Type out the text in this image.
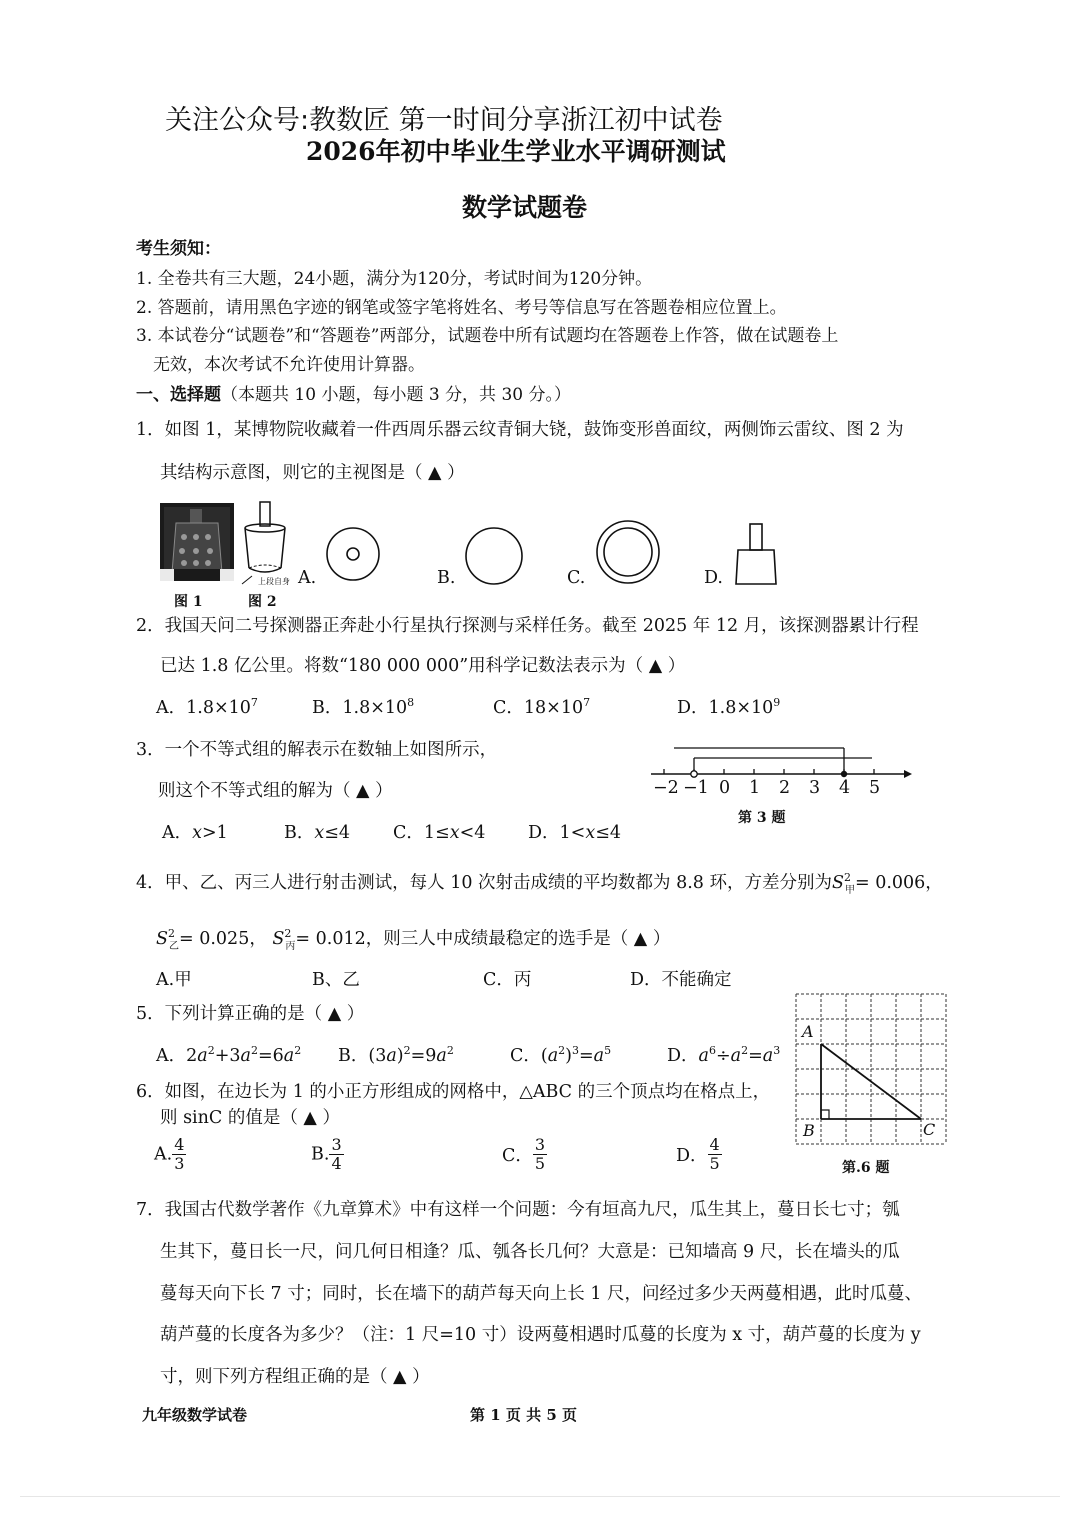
关注公众号:教数匠 第一时间分享浙江初中试卷
2026年初中毕业生学业水平调研测试
数学试题卷
考生须知：
1. 全卷共有三大题，24小题，满分为120分，考试时间为120分钟。
2. 答题前，请用黑色字迹的钢笔或签字笔将姓名、考号等信息写在答题卷相应位置上。
3. 本试卷分“试题卷”和“答题卷”两部分，试题卷中所有试题均在答题卷上作答，做在试题卷上
无效，本次考试不允许使用计算器。
一、选择题（本题共 10 小题，每小题 3 分，共 30 分。）
1．如图 1，某博物院收藏着一件西周乐器云纹青铜大铙，鼓饰变形兽面纹，两侧饰云雷纹、图 2 为
其结构示意图，则它的主视图是（ ▲ ）
上段自身
图 1	图 2
A.	B.	C.	D.
2．我国天问二号探测器正奔赴小行星执行探测与采样任务。截至 2025 年 12 月，该探测器累计行程
已达 1.8 亿公里。将数“180 000 000”用科学记数法表示为（ ▲ ）
A．$1.8\times 10^7$	B．$1.8\times 10^8$	C．$18\times 10^7$	D．$1.8\times 10^9$
3．一个不等式组的解表示在数轴上如图所示，
则这个不等式组的解为（ ▲ ）
A．x>1	B．x≤4 C．1≤x<4 D．1<x≤4
−2 −1 0 1 2 3 4 5
第 3 题
4．甲、乙、丙三人进行射击测试，每人 10 次射击成绩的平均数都为 8.8 环，方差分别为$S^2_甲= 0.006$，
$S^2_乙= 0.025$， $S^2_丙= 0.012$，则三人中成绩最稳定的选手是（ ▲ ）
A.甲	B、乙	C．丙	D．不能确定
5．下列计算正确的是（ ▲ ）
A．$2a^2+3a^2=6a^2$ B．$(3a)^2=9a^2$	C．$(a^2)^3=a^5$	D．$a^6\div a^2=a^3$
A
B	C
第.6 题
6．如图，在边长为 1 的小正方形组成的网格中，△ABC 的三个顶点均在格点上，
则 sinC 的值是（ ▲ ）
A. $\frac{4}{3}$	B. $\frac{3}{4}$	C． $\frac{3}{5}$	D． $\frac{4}{5}$
7．我国古代数学著作《九章算术》中有这样一个问题：今有垣高九尺，瓜生其上，蔓日长七寸；瓠
生其下，蔓日长一尺，问几何日相逢？瓜、瓠各长几何？大意是：已知墙高 9 尺，长在墙头的瓜
蔓每天向下长 7 寸；同时，长在墙下的葫芦每天向上长 1 尺，问经过多少天两蔓相遇，此时瓜蔓、
葫芦蔓的长度各为多少？（注：1 尺=10 寸）设两蔓相遇时瓜蔓的长度为 x 寸，葫芦蔓的长度为 y
寸，则下列方程组正确的是（ ▲ ）
九年级数学试卷	第 1 页 共 5 页
